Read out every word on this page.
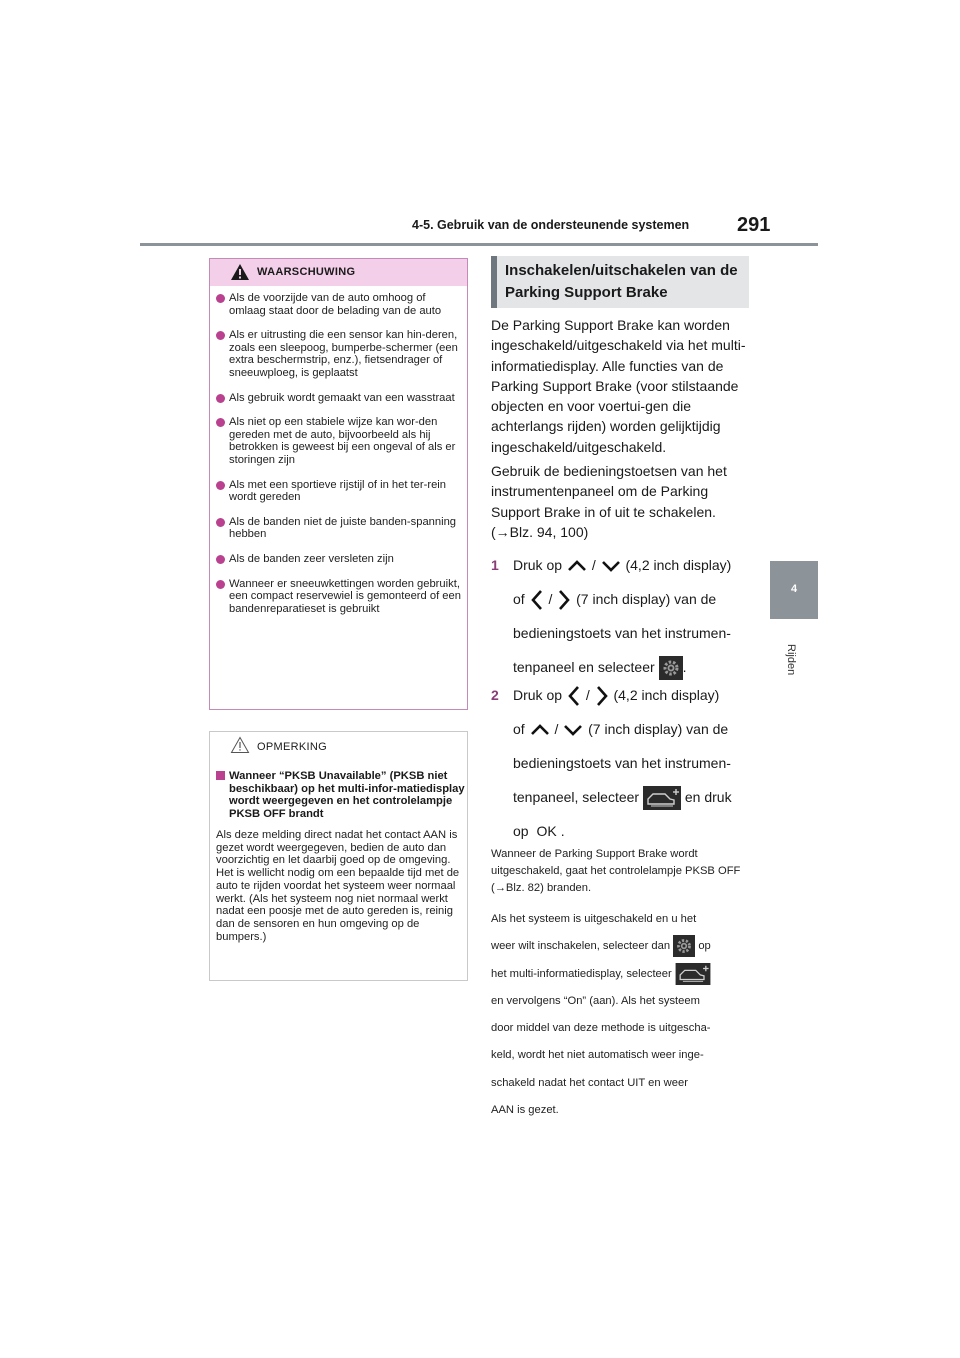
4-5. Gebruik van de ondersteunende systemen 291
4
Rijden
WAARSCHUWING
Als de voorzijde van de auto omhoog of omlaag staat door de belading van de auto
Als er uitrusting die een sensor kan hin-deren, zoals een sleepoog, bumperbe-schermer (een extra beschermstrip, enz.), fietsendrager of sneeuwploeg, is geplaatst
Als gebruik wordt gemaakt van een wasstraat
Als niet op een stabiele wijze kan wor-den gereden met de auto, bijvoorbeeld als hij betrokken is geweest bij een ongeval of als er storingen zijn
Als met een sportieve rijstijl of in het ter-rein wordt gereden
Als de banden niet de juiste banden-spanning hebben
Als de banden zeer versleten zijn
Wanneer er sneeuwkettingen worden gebruikt, een compact reservewiel is gemonteerd of een bandenreparatieset is gebruikt
OPMERKING
Wanneer “PKSB Unavailable” (PKSB niet beschikbaar) op het multi-infor-matiedisplay wordt weergegeven en het controlelampje PKSB OFF brandt
Als deze melding direct nadat het contact AAN is gezet wordt weergegeven, bedien de auto dan voorzichtig en let daarbij goed op de omgeving. Het is wellicht nodig om een bepaalde tijd met de auto te rijden voordat het systeem weer normaal werkt. (Als het systeem nog niet normaal werkt nadat een poosje met de auto gereden is, reinig dan de sensoren en hun omgeving op de bumpers.)
Inschakelen/uitschakelen van de Parking Support Brake
De Parking Support Brake kan worden ingeschakeld/uitgeschakeld via het multi-informatiedisplay. Alle functies van de Parking Support Brake (voor stilstaande objecten en voor voertui-gen die achterlangs rijden) worden gelijktijdig ingeschakeld/uitgeschakeld.
Gebruik de bedieningstoetsen van het instrumentenpaneel om de Parking Support Brake in of uit te schakelen. (→Blz. 94, 100)
1 Druk op / (4,2 inch display)
of / (7 inch display) van de
bedieningstoets van het instrumen-
tenpaneel en selecteer .
2 Druk op / (4,2 inch display)
of / (7 inch display) van de
bedieningstoets van het instrumen-
tenpaneel, selecteer	en druk
op OK .
Wanneer de Parking Support Brake wordt uitgeschakeld, gaat het controlelampje PKSB OFF (→Blz. 82) branden.
Als het systeem is uitgeschakeld en u het
weer wilt inschakelen, selecteer dan	op
het multi-informatiedisplay, selecteer
en vervolgens “On” (aan). Als het systeem
door middel van deze methode is uitgescha-
keld, wordt het niet automatisch weer inge-
schakeld nadat het contact UIT en weer
AAN is gezet.
